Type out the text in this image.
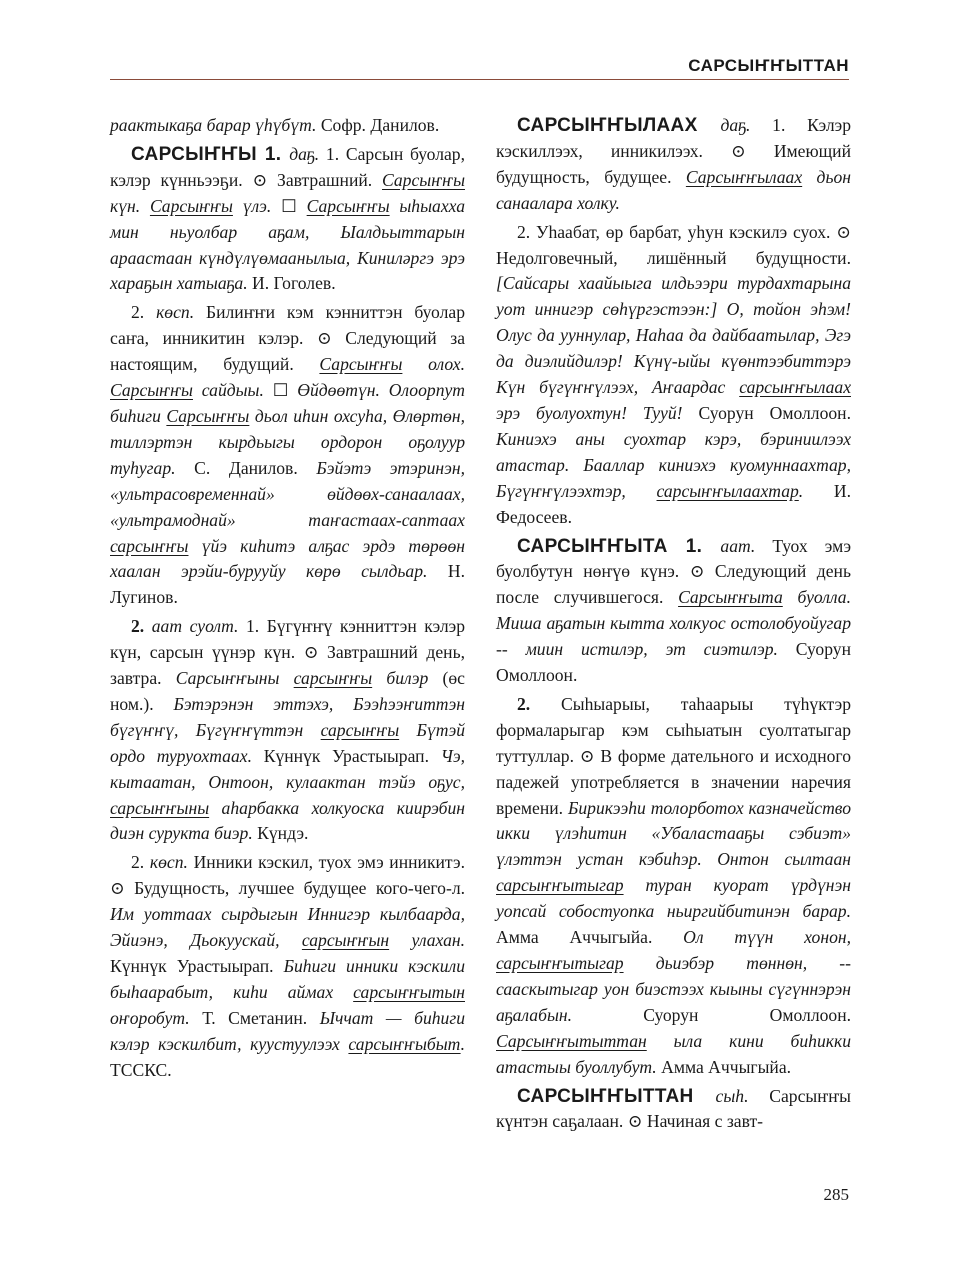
САРСЫҤҤЫТТАН

раактыкаҕа барар үһүбүт. Софр. Данилов.

САРСЫҤҤЫ 1. даҕ. 1. Сарсын буолар, кэлэр күнньээҕи. ⊙ Завтрашний. Сарсыҥҥы күн. Сарсыҥҥы үлэ. ☐ Сарсыҥҥы ыһыахха мин ньуолбар аҕам, Ыалдьыттарын араастаан күндүлүөмаанылыа, Киниләргэ эрэ хараҕын хатыаҕа. И. Гоголев.

2. көсп. Билиҥҥи кэм кэнниттэн буолар саҥа, инникитин кэлэр. ⊙ Следующий за настоящим, будущий. Сарсыҥҥы олох. Сарсыҥҥы сайдыы. ☐ Өйдөөтүн. Олоорпут биһиги Сарсыҥҥы дьол иһин охсуһа, Өлөртөн, тиллэртэн кырдьыгы ордорон оҕолуур туһугар. С. Данилов. Бэйэтэ этэринэн, «ультрасовременнай» өйдөөх-санаалаах, «ультрамоднай» таҥастаах-саптаах сарсыҥҥы үйэ киһитэ алҕас эрдэ төрөөн хаалан эрэйи-бурууйу көрө сылдьар. Н. Лугинов.

2. аат суолт. 1. Бүгүҥҥү кэнниттэн кэлэр күн, сарсын үүнэр күн. ⊙ Завтрашний день, завтра. Сарсыҥҥыны сарсыҥҥы билэр (өс ном.). Бэтэрэнэн эттэхэ, Бээһээҥиттэн бүгүҥҥү, Бүгүҥҥүттэн сарсыҥҥы Бүтэй ордо туруохтаах. Күннүк Урастыырап. Чэ, кытаатан, Онтоон, кулаактан тэйэ оҕус, сарсыҥҥыны аһарбакка холкуоска киирэбин диэн суруктa биэр. Күндэ.

2. көсп. Инники кэскил, туох эмэ инникитэ. ⊙ Будущность, лучшее будущее кого-чего-л. Им уоттаах сырдыгын Иннигэр кылбаарда, Эйиэнэ, Дьокуускай, сарсыҥҥын улахан. Күннүк Урастыырап. Биһиги инники кэскили быһаарабыт, киһи аймах сарсыҥҥытын оҥоробут. Т. Сметанин. Ыччат — биһиги кэлэр кэскилбит, куустуулээх сарсыҥҥыбыт. ТССКС.

САРСЫҤҤЫЛААХ даҕ. 1. Кэлэр кэскиллээх, инникилээх. ⊙ Имеющий будущность, будущее. Сарсыҥҥылаах дьон санаалара холку.

2. Уһаабат, өр барбат, уһун кэскилэ суох. ⊙ Недолговечный, лишённый будущности. [Сайсары хаайыыга илдьээри турдахтарына уот иннигэр сөһүргэстээн:] О, тойон эһэм! Олус да ууннулар, Наһаа да дайбаатылар, Эгэ да диэлийдилэр! Күнү-ыйы күөнтээбиттэрэ Күн бүгүҥҥүлээх, Аҥаардас сарсыҥҥылаах эрэ буолуохтун! Тууй! Суорун Омоллоон. Киниэхэ аны суохтар кэрэ, бэриниилээх атастар. Бааллар киниэхэ куомуннаахтар, Бүгүҥҥүлээхтэр, сарсыҥҥылаахтар. И. Федосеев.

САРСЫҤҤЫТА 1. аат. Туох эмэ буолбутун нөҥүө күнэ. ⊙ Следующий день после случившегося. Сарсыҥҥыта буолла. Миша аҕатын кытта холкуос остолобуойугар -- миин истилэр, эт сиэтилэр. Суорун Омоллоон.

2. Сыһыарыы, таһаарыы түһүктэр формаларыгар кэм сыһыатын суолтатыгар туттуллар. ⊙ В форме дательного и исходного падежей употребляется в значении наречия времени. Бирикээһи толорботох казначейство икки үлэһитин «Убаластааҕы сэбиэт» үлэттэн устан кэбиһэр. Онтон сылтаан сарсыҥҥытыгар туран куорат үрдүнэн уопсай собостуопка ньиргийбитинэн барар. Амма Аччыгыйа. Ол түүн хонон, сарсыҥҥытыгар дьиэбэр төннөн, -- сааскытыгар уон биэстээх кыыны сүгүннэрэн аҕалабын. Суорун Омоллоон. Сарсыҥҥытыттан ыла кини биһикки атастыы буоллубут. Амма Аччыгыйа.

САРСЫҤҤЫТТАН сыһ. Сарсыҥҥы күнтэн саҕалаан. ⊙ Начиная с завт-

285
